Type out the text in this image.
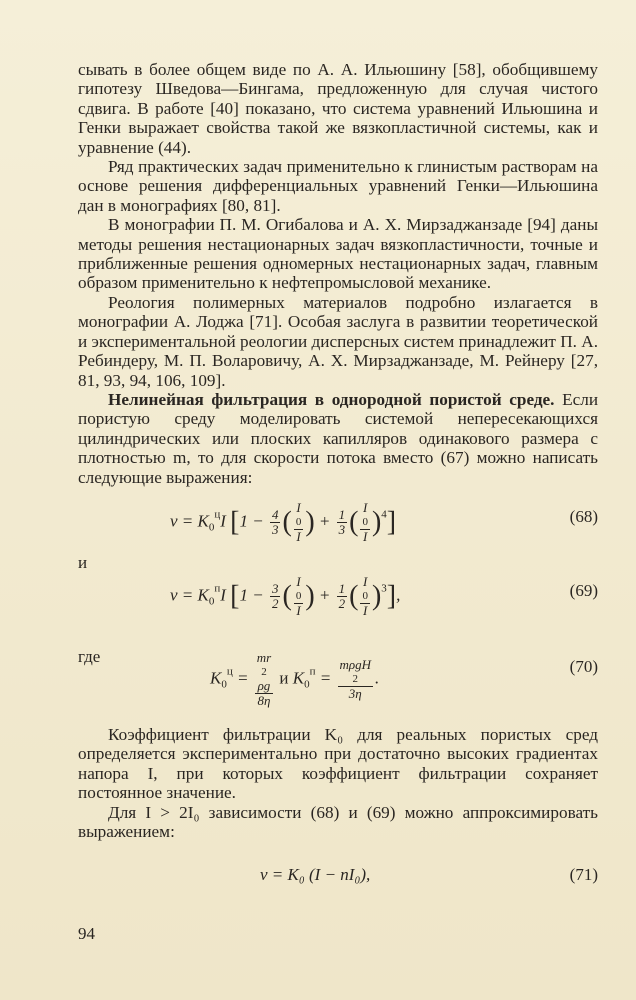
сывать в более общем виде по А. А. Ильюшину [58], обобщившему гипотезу Шведова—Бингама, предложенную для случая чистого сдвига. В работе [40] показано, что система уравнений Ильюшина и Генки выражает свойства такой же вязкопластичной системы, как и уравнение (44).

Ряд практических задач применительно к глинистым растворам на основе решения дифференциальных уравнений Генки—Ильюшина дан в монографиях [80, 81].

В монографии П. М. Огибалова и А. Х. Мирзаджанзаде [94] даны методы решения нестационарных задач вязкопластичности, точные и приближенные решения одномерных нестационарных задач, главным образом применительно к нефтепромысловой механике.

Реология полимерных материалов подробно излагается в монографии А. Лоджа [71]. Особая заслуга в развитии теоретической и экспериментальной реологии дисперсных систем принадлежит П. А. Ребиндеру, М. П. Воларовичу, А. Х. Мирзаджанзаде, М. Рейнеру [27, 81, 93, 94, 106, 109].

Нелинейная фильтрация в однородной пористой среде. Если пористую среду моделировать системой непересекающихся цилиндрических или плоских капилляров одинакового размера с плотностью m, то для скорости потока вместо (67) можно написать следующие выражения:

$v = K_0^цI$ [$1 - \frac{4}{3}$ ( I
0
I ) + $\frac{1}{3}$ ( I
0
I )$^4$]	(68)
и
$v = K_0^пI$ [$1 - \frac{3}{2}$ ( I
0
I ) + $\frac{1}{2}$ ( I
0
I )$^3$],	(69)
где
$K_0^ц$ = mr
2
ρg
8η и $K_0^п = m\rho gH$
2
3η .
(70)

Коэффициент фильтрации K₀ для реальных пористых сред определяется экспериментально при достаточно высоких градиентах напора I, при которых коэффициент фильтрации сохраняет постоянное значение.

Для I > 2I₀ зависимости (68) и (69) можно аппроксимировать выражением:

v = K₀ (I − nI₀),	(71)
94
